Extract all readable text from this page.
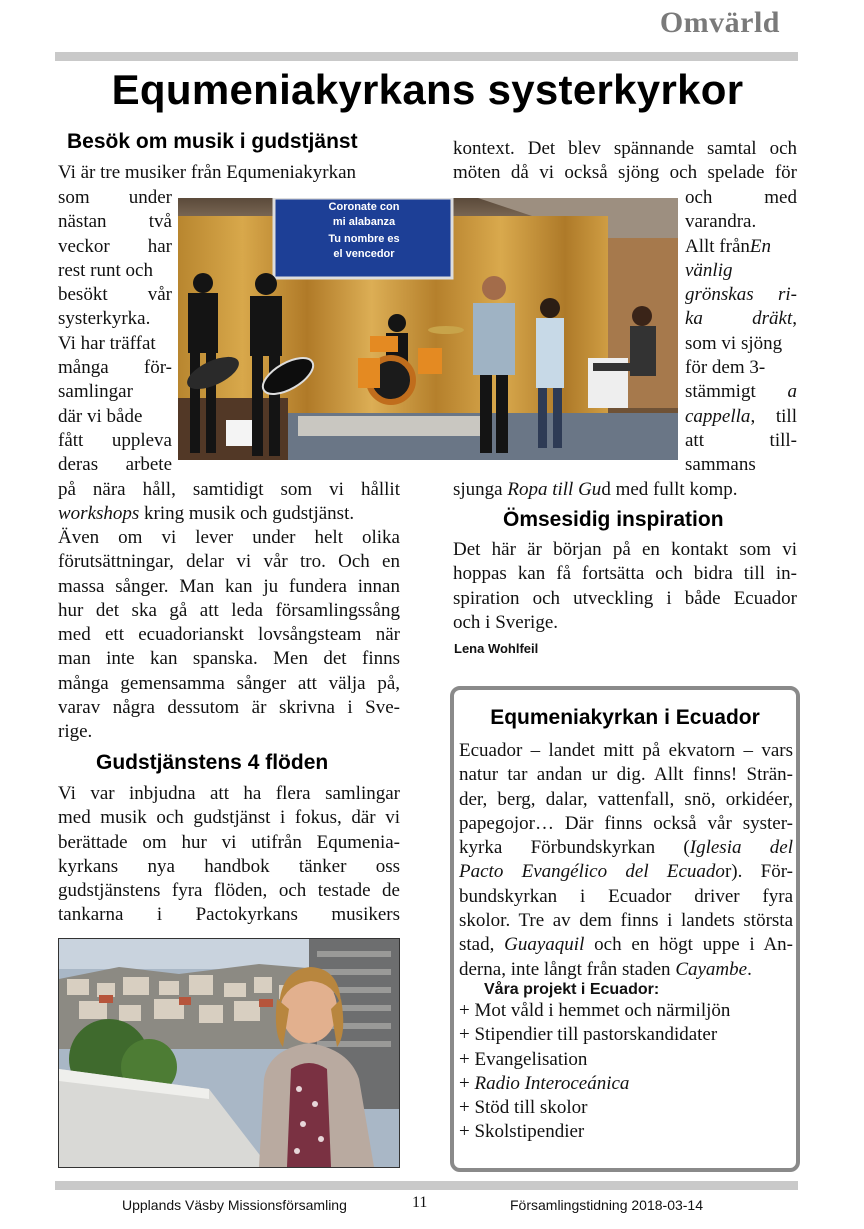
Omvärld
Equmeniakyrkans systerkyrkor
Besök om musik i gudstjänst
Vi är tre musiker från Equmeniakyrkan
som under
nästan två
veckor har
rest runt och
besökt vår
systerkyrka.
Vi har träffat
många för-
samlingar
där vi både
fått uppleva
deras arbete
Coronate con
mi alabanza
Tu nombre es
el vencedor
på nära håll, samtidigt som vi hållit
workshops kring musik och gudstjänst.
Även om vi lever under helt olika
förutsättningar, delar vi vår tro. Och en
massa sånger. Man kan ju fundera innan
hur det ska gå att leda församlingssång
med ett ecuadorianskt lovsångsteam när
man inte kan spanska. Men det finns
många gemensamma sånger att välja på,
varav några dessutom är skrivna i Sve-
rige.
Gudstjänstens 4 flöden
Vi var inbjudna att ha flera samlingar
med musik och gudstjänst i fokus, där vi
berättade om hur vi utifrån Equmenia-
kyrkans nya handbok tänker oss
gudstjänstens fyra flöden, och testade de
tankarna i Pactokyrkans musikers
kontext. Det blev spännande samtal och
möten då vi också sjöng och spelade för
och	med
varandra.
Allt från En
vänlig
grönskas ri-
ka	dräkt,
som vi sjöng
för dem 3-
stämmigt a
cappella, till
att	till-
sammans
sjunga Ropa till Gud med fullt komp.
Ömsesidig inspiration
Det här är början på en kontakt som vi
hoppas kan få fortsätta och bidra till in-
spiration och utveckling i både Ecuador
och i Sverige.
Lena Wohlfeil
Equmeniakyrkan i Ecuador
Ecuador – landet mitt på ekvatorn – vars
natur tar andan ur dig. Allt finns! Strän-
der, berg, dalar, vattenfall, snö, orkidéer,
papegojor… Där finns också vår syster-
kyrka Förbundskyrkan (Iglesia del
Pacto Evangélico del Ecuador). För-
bundskyrkan i Ecuador driver fyra
skolor. Tre av dem finns i landets största
stad, Guayaquil och en högt uppe i An-
derna, inte långt från staden Cayambe.
Våra projekt i Ecuador:
+ Mot våld i hemmet och närmiljön
+ Stipendier till pastorskandidater
+ Evangelisation
+ Radio Interoceánica
+ Stöd till skolor
+ Skolstipendier
Upplands Väsby Missionsförsamling	11	Församlingstidning 2018-03-14
